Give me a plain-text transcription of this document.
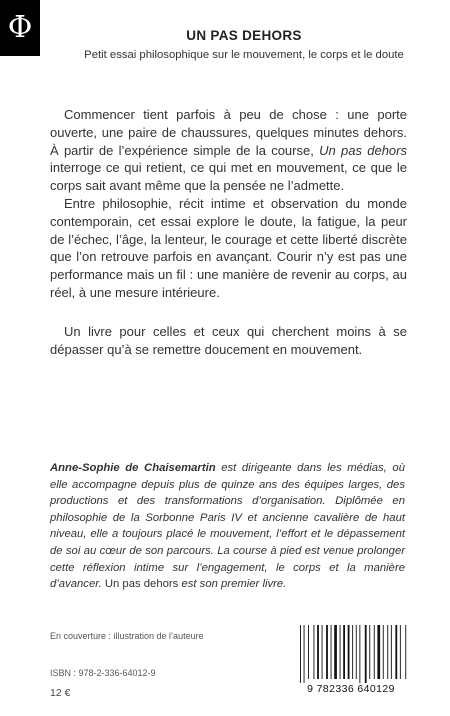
Φ	UN PAS DEHORS
Petit essai philosophique sur le mouvement, le corps et le doute

Commencer tient parfois à peu de chose : une porte ouverte, une paire de chaussures, quelques minutes dehors. À partir de l’expérience simple de la course, Un pas dehors interroge ce qui retient, ce qui met en mouvement, ce que le corps sait avant même que la pensée ne l’admette.

Entre philosophie, récit intime et observation du monde contemporain, cet essai explore le doute, la fatigue, la peur de l’échec, l’âge, la lenteur, le courage et cette liberté discrète que l’on retrouve parfois en avançant. Courir n’y est pas une performance mais un fil : une manière de revenir au corps, au réel, à une mesure intérieure.

Un livre pour celles et ceux qui cherchent moins à se dépasser qu’à se remettre doucement en mouvement.

Anne-Sophie de Chaisemartin est dirigeante dans les médias, où elle accompagne depuis plus de quinze ans des équipes larges, des productions et des transformations d’organisation. Diplômée en philosophie de la Sorbonne Paris IV et ancienne cavalière de haut niveau, elle a toujours placé le mouvement, l’effort et le dépassement de soi au cœur de son parcours. La course à pied est venue prolonger cette réflexion intime sur l’engagement, le corps et la manière d’avancer. Un pas dehors est son premier livre.
En couverture : illustration de l’auteure
ISBN : 978-2-336-64012-9
12 €	9 782336 640129
